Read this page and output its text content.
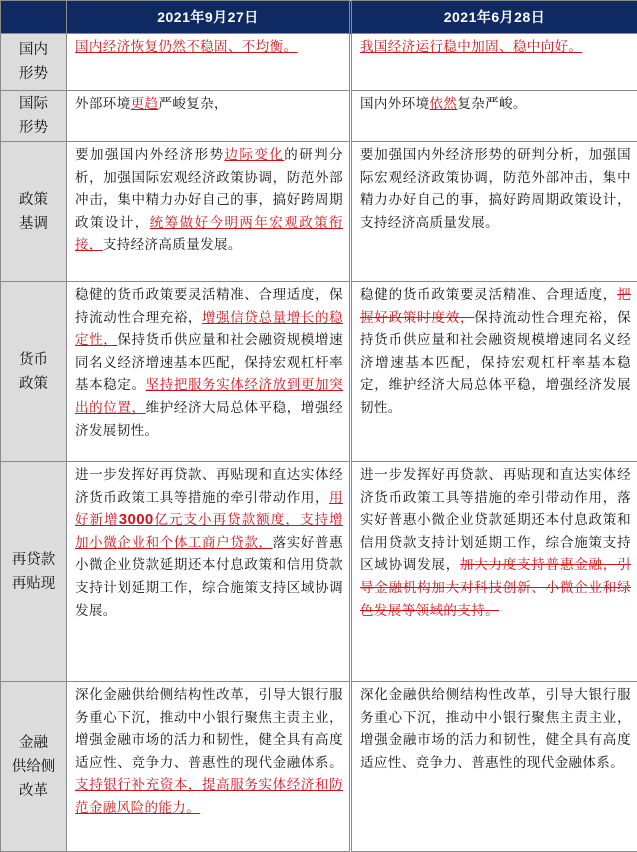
	2021年9月27日	2021年6月28日
国内
形势	国内经济恢复仍然不稳固、不均衡。	我国经济运行稳中加固、稳中向好。
国际
形势	外部环境更趋严峻复杂，	国内外环境依然复杂严峻。
政策
基调	要加强国内外经济形势边际变化的研判分析，加强国际宏观经济政策协调，防范外部冲击，集中精力办好自己的事，搞好跨周期政策设计，统筹做好今明两年宏观政策衔接，支持经济高质量发展。	要加强国内外经济形势的研判分析，加强国际宏观经济政策协调，防范外部冲击，集中精力办好自己的事，搞好跨周期政策设计，支持经济高质量发展。
货币
政策	稳健的货币政策要灵活精准、合理适度，保持流动性合理充裕，增强信贷总量增长的稳定性，保持货币供应量和社会融资规模增速同名义经济增速基本匹配，保持宏观杠杆率基本稳定。坚持把服务实体经济放到更加突出的位置，维护经济大局总体平稳，增强经济发展韧性。	稳健的货币政策要灵活精准、合理适度，把握好政策时度效，保持流动性合理充裕，保持货币供应量和社会融资规模增速同名义经济增速基本匹配，保持宏观杠杆率基本稳定，维护经济大局总体平稳，增强经济发展韧性。
再贷款
再贴现	进一步发挥好再贷款、再贴现和直达实体经济货币政策工具等措施的牵引带动作用，用好新增3000亿元支小再贷款额度，支持增加小微企业和个体工商户贷款，落实好普惠小微企业贷款延期还本付息政策和信用贷款支持计划延期工作，综合施策支持区域协调发展。	进一步发挥好再贷款、再贴现和直达实体经济货币政策工具等措施的牵引带动作用，落实好普惠小微企业贷款延期还本付息政策和信用贷款支持计划延期工作，综合施策支持区域协调发展，加大力度支持普惠金融，引导金融机构加大对科技创新、小微企业和绿色发展等领域的支持。
金融
供给侧
改革	深化金融供给侧结构性改革，引导大银行服务重心下沉，推动中小银行聚焦主责主业，增强金融市场的活力和韧性，健全具有高度适应性、竞争力、普惠性的现代金融体系。支持银行补充资本，提高服务实体经济和防范金融风险的能力。	深化金融供给侧结构性改革，引导大银行服务重心下沉，推动中小银行聚焦主责主业，增强金融市场的活力和韧性，健全具有高度适应性、竞争力、普惠性的现代金融体系。
